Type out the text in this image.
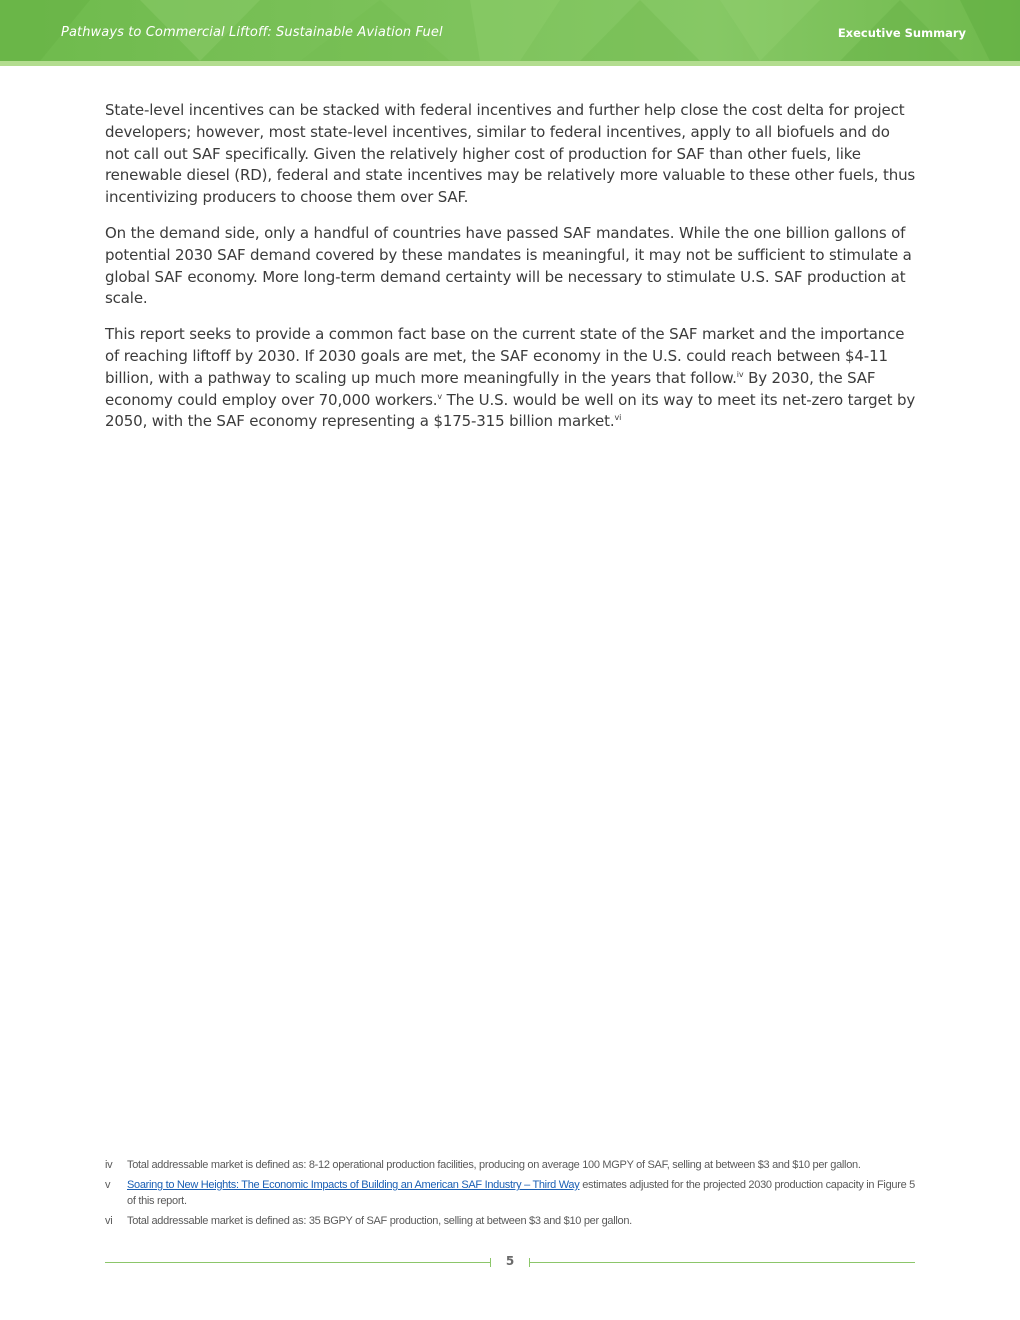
Pathways to Commercial Liftoff: Sustainable Aviation Fuel	Executive Summary

State-level incentives can be stacked with federal incentives and further help close the cost delta for project developers; however, most state-level incentives, similar to federal incentives, apply to all biofuels and do not call out SAF specifically. Given the relatively higher cost of production for SAF than other fuels, like renewable diesel (RD), federal and state incentives may be relatively more valuable to these other fuels, thus incentivizing producers to choose them over SAF.

On the demand side, only a handful of countries have passed SAF mandates. While the one billion gallons of potential 2030 SAF demand covered by these mandates is meaningful, it may not be sufficient to stimulate a global SAF economy. More long-term demand certainty will be necessary to stimulate U.S. SAF production at scale.

This report seeks to provide a common fact base on the current state of the SAF market and the importance of reaching liftoff by 2030. If 2030 goals are met, the SAF economy in the U.S. could reach between $4-11 billion, with a pathway to scaling up much more meaningfully in the years that follow.$^{iv}$ By 2030, the SAF economy could employ over 70,000 workers.$^v$ The U.S. would be well on its way to meet its net-zero target by 2050, with the SAF economy representing a $175-315 billion market.$^{vi}$

iv	Total addressable market is defined as: 8-12 operational production facilities, producing on average 100 MGPY of SAF, selling at between $3 and $10 per gallon.
v	Soaring to New Heights: The Economic Impacts of Building an American SAF Industry – Third Way estimates adjusted for the projected 2030 production capacity in Figure 5 of this report.
vi	Total addressable market is defined as: 35 BGPY of SAF production, selling at between $3 and $10 per gallon.
5
